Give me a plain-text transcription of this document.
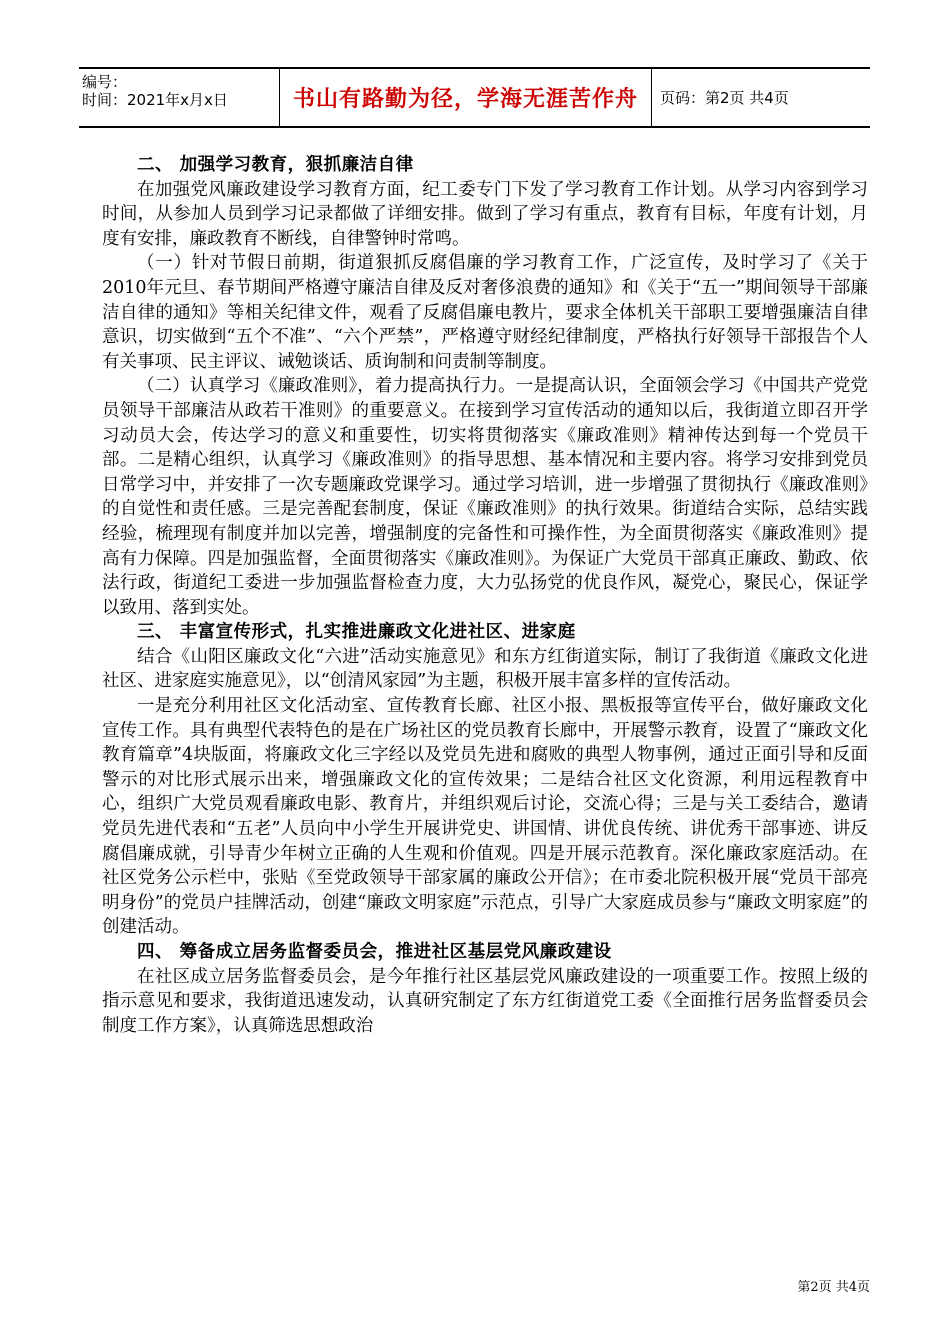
编号：
时间：2021年x月x日	书山有路勤为径，学海无涯苦作舟	页码：第2页 共4页

二、 加强学习教育，狠抓廉洁自律

在加强党风廉政建设学习教育方面，纪工委专门下发了学习教育工作计划。从学习内容到学习时间，从参加人员到学习记录都做了详细安排。做到了学习有重点，教育有目标，年度有计划，月度有安排，廉政教育不断线，自律警钟时常鸣。

（一）针对节假日前期，街道狠抓反腐倡廉的学习教育工作，广泛宣传，及时学习了《关于2010年元旦、春节期间严格遵守廉洁自律及反对奢侈浪费的通知》和《关于“五一”期间领导干部廉洁自律的通知》等相关纪律文件，观看了反腐倡廉电教片，要求全体机关干部职工要增强廉洁自律意识，切实做到“五个不准”、“六个严禁”，严格遵守财经纪律制度，严格执行好领导干部报告个人有关事项、民主评议、诫勉谈话、质询制和问责制等制度。

（二）认真学习《廉政准则》，着力提高执行力。一是提高认识，全面领会学习《中国共产党党员领导干部廉洁从政若干准则》的重要意义。在接到学习宣传活动的通知以后，我街道立即召开学习动员大会，传达学习的意义和重要性，切实将贯彻落实《廉政准则》精神传达到每一个党员干部。二是精心组织，认真学习《廉政准则》的指导思想、基本情况和主要内容。将学习安排到党员日常学习中，并安排了一次专题廉政党课学习。通过学习培训，进一步增强了贯彻执行《廉政准则》的自觉性和责任感。三是完善配套制度，保证《廉政准则》的执行效果。街道结合实际，总结实践经验，梳理现有制度并加以完善，增强制度的完备性和可操作性，为全面贯彻落实《廉政准则》提高有力保障。四是加强监督，全面贯彻落实《廉政准则》。为保证广大党员干部真正廉政、勤政、依法行政，街道纪工委进一步加强监督检查力度，大力弘扬党的优良作风，凝党心，聚民心，保证学以致用、落到实处。

三、 丰富宣传形式，扎实推进廉政文化进社区、进家庭

结合《山阳区廉政文化“六进”活动实施意见》和东方红街道实际，制订了我街道《廉政文化进社区、进家庭实施意见》，以“创清风家园”为主题，积极开展丰富多样的宣传活动。

一是充分利用社区文化活动室、宣传教育长廊、社区小报、黑板报等宣传平台，做好廉政文化宣传工作。具有典型代表特色的是在广场社区的党员教育长廊中，开展警示教育，设置了“廉政文化教育篇章”4块版面，将廉政文化三字经以及党员先进和腐败的典型人物事例，通过正面引导和反面警示的对比形式展示出来，增强廉政文化的宣传效果；二是结合社区文化资源，利用远程教育中心，组织广大党员观看廉政电影、教育片，并组织观后讨论，交流心得；三是与关工委结合，邀请党员先进代表和“五老”人员向中小学生开展讲党史、讲国情、讲优良传统、讲优秀干部事迹、讲反腐倡廉成就，引导青少年树立正确的人生观和价值观。四是开展示范教育。深化廉政家庭活动。在社区党务公示栏中，张贴《至党政领导干部家属的廉政公开信》；在市委北院积极开展“党员干部亮明身份”的党员户挂牌活动，创建“廉政文明家庭”示范点，引导广大家庭成员参与“廉政文明家庭”的创建活动。

四、 筹备成立居务监督委员会，推进社区基层党风廉政建设

在社区成立居务监督委员会，是今年推行社区基层党风廉政建设的一项重要工作。按照上级的指示意见和要求，我街道迅速发动，认真研究制定了东方红街道党工委《全面推行居务监督委员会制度工作方案》，认真筛选思想政治

第2页 共4页
